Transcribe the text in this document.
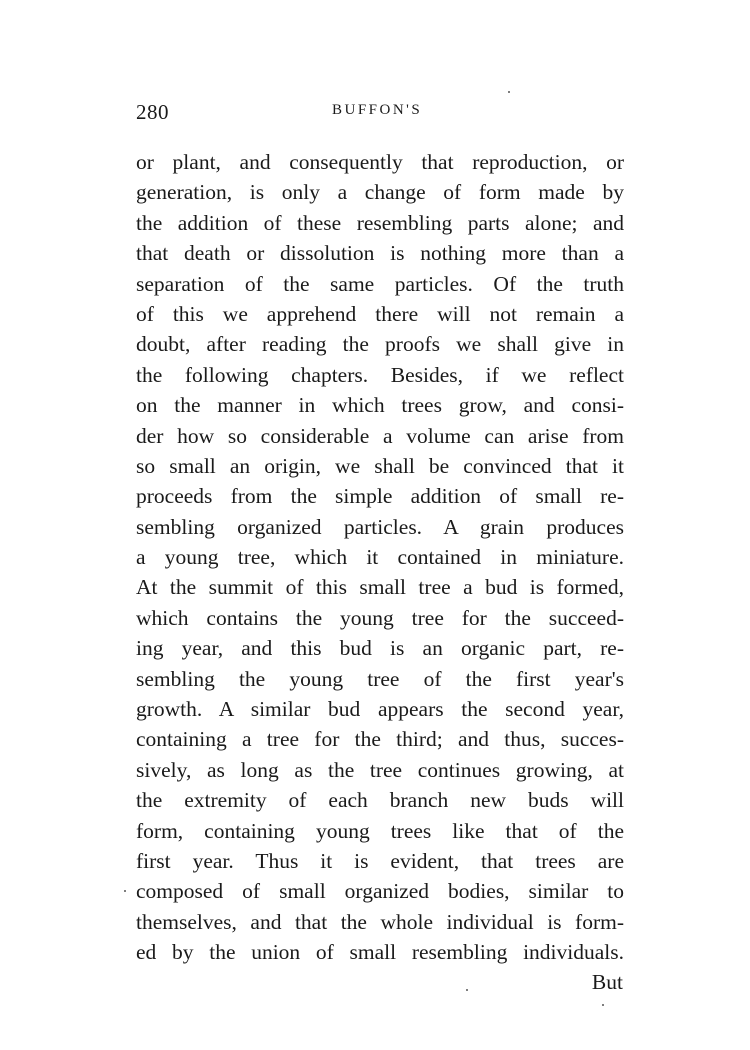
280	BUFFON'S
or plant, and consequently that reproduction, or
generation, is only a change of form made by
the addition of these resembling parts alone; and
that death or dissolution is nothing more than a
separation of the same particles. Of the truth
of this we apprehend there will not remain a
doubt, after reading the proofs we shall give in
the following chapters. Besides, if we reflect
on the manner in which trees grow, and consi-
der how so considerable a volume can arise from
so small an origin, we shall be convinced that it
proceeds from the simple addition of small re-
sembling organized particles. A grain produces
a young tree, which it contained in miniature.
At the summit of this small tree a bud is formed,
which contains the young tree for the succeed-
ing year, and this bud is an organic part, re-
sembling the young tree of the first year's
growth. A similar bud appears the second year,
containing a tree for the third; and thus, succes-
sively, as long as the tree continues growing, at
the extremity of each branch new buds will
form, containing young trees like that of the
first year. Thus it is evident, that trees are
composed of small organized bodies, similar to
themselves, and that the whole individual is form-
ed by the union of small resembling individuals.
But
